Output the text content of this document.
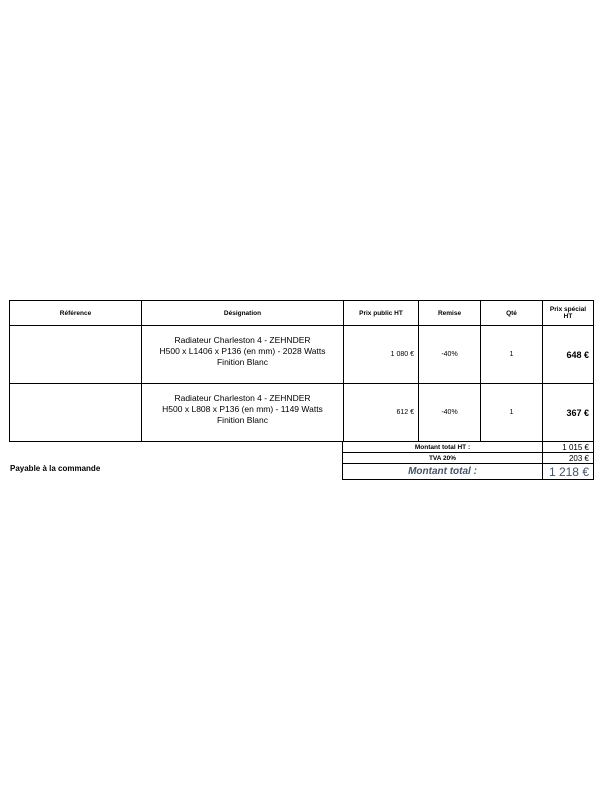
Référence	Désignation	Prix public HT	Remise	Qté	Prix spécial HT

	Radiateur Charleston 4 - ZEHNDER
H500 x L1406 x P136 (en mm) - 2028 Watts
Finition Blanc	1 080 €	-40%	1	648 €

	Radiateur Charleston 4 - ZEHNDER
H500 x L808 x P136 (en mm) - 1149 Watts
Finition Blanc	612 €	-40%	1	367 €
Montant total HT :	1 015 €
TVA 20%	203 €
Montant total :	1 218 €
Payable à la commande
